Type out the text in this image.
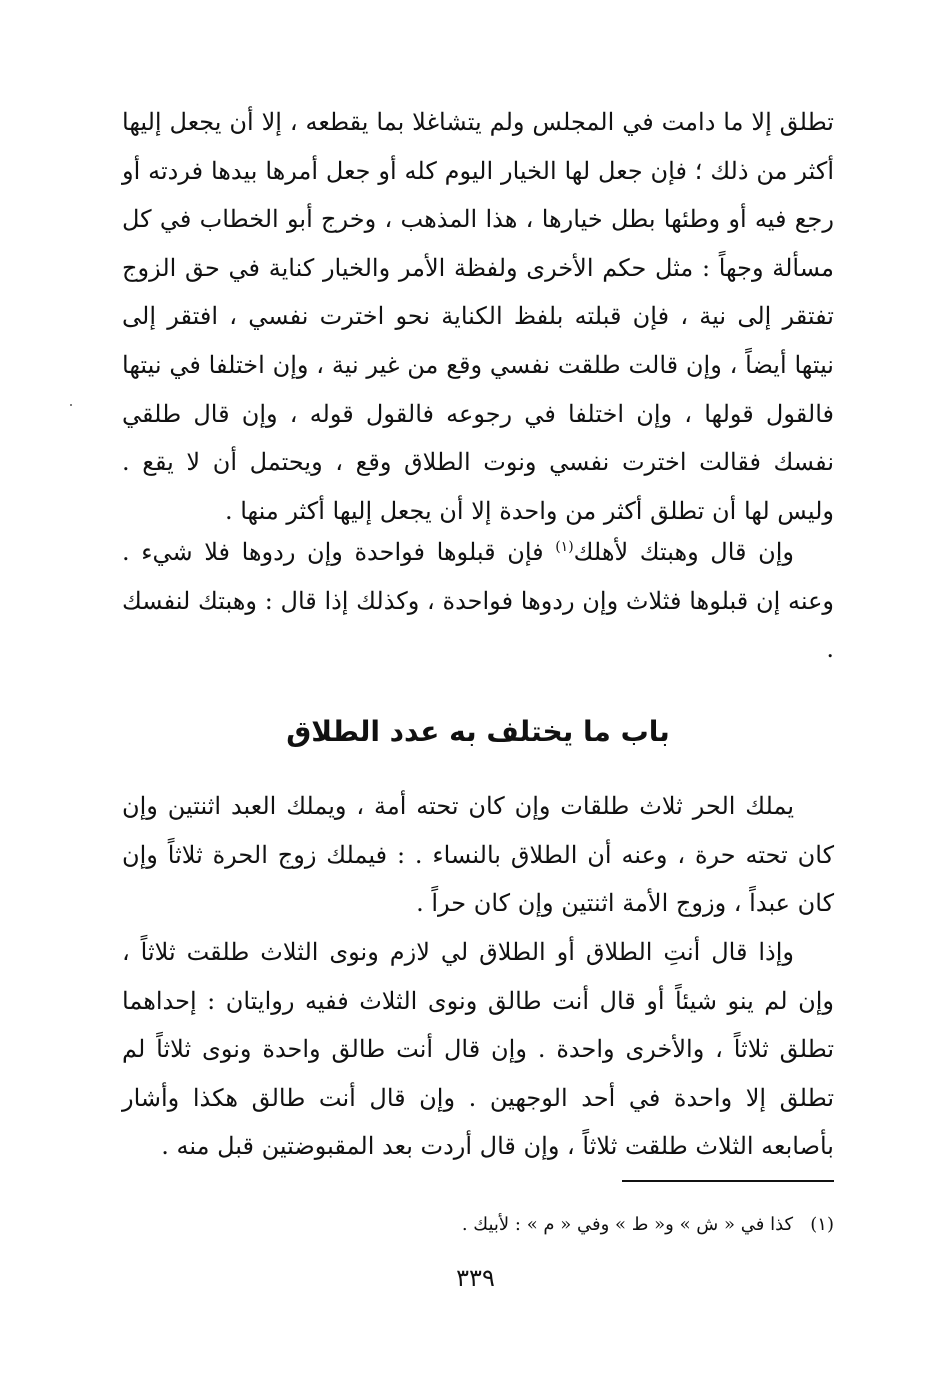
تطلق إلا ما دامت في المجلس ولم يتشاغلا بما يقطعه ، إلا أن يجعل إليها أكثر من ذلك ؛ فإن جعل لها الخيار اليوم كله أو جعل أمرها بيدها فردته أو رجع فيه أو وطئها بطل خيارها ، هذا المذهب ، وخرج أبو الخطاب في كل مسألة وجهاً : مثل حكم الأخرى ولفظة الأمر والخيار كناية في حق الزوج تفتقر إلى نية ، فإن قبلته بلفظ الكناية نحو اخترت نفسي ، افتقر إلى نيتها أيضاً ، وإن قالت طلقت نفسي وقع من غير نية ، وإن اختلفا في نيتها فالقول قولها ، وإن اختلفا في رجوعه فالقول قوله ، وإن قال طلقي نفسك فقالت اخترت نفسي ونوت الطلاق وقع ، ويحتمل أن لا يقع . وليس لها أن تطلق أكثر من واحدة إلا أن يجعل إليها أكثر منها .

وإن قال وهبتك لأهلك$^{(١)}$ فإن قبلوها فواحدة وإن ردوها فلا شيء . وعنه إن قبلوها فثلاث وإن ردوها فواحدة ، وكذلك إذا قال : وهبتك لنفسك .

باب ما يختلف به عدد الطلاق

يملك الحر ثلاث طلقات وإن كان تحته أمة ، ويملك العبد اثنتين وإن كان تحته حرة ، وعنه أن الطلاق بالنساء . : فيملك زوج الحرة ثلاثاً وإن كان عبداً ، وزوج الأمة اثنتين وإن كان حراً .

وإذا قال أنتِ الطلاق أو الطلاق لي لازم ونوى الثلاث طلقت ثلاثاً ، وإن لم ينو شيئاً أو قال أنت طالق ونوى الثلاث ففيه روايتان : إحداهما تطلق ثلاثاً ، والأخرى واحدة . وإن قال أنت طالق واحدة ونوى ثلاثاً لم تطلق إلا واحدة في أحد الوجهين . وإن قال أنت طالق هكذا وأشار بأصابعه الثلاث طلقت ثلاثاً ، وإن قال أردت بعد المقبوضتين قبل منه .

(١)   كذا في « ش » و« ط » وفي « م » : لأبيك .

٣٣٩
